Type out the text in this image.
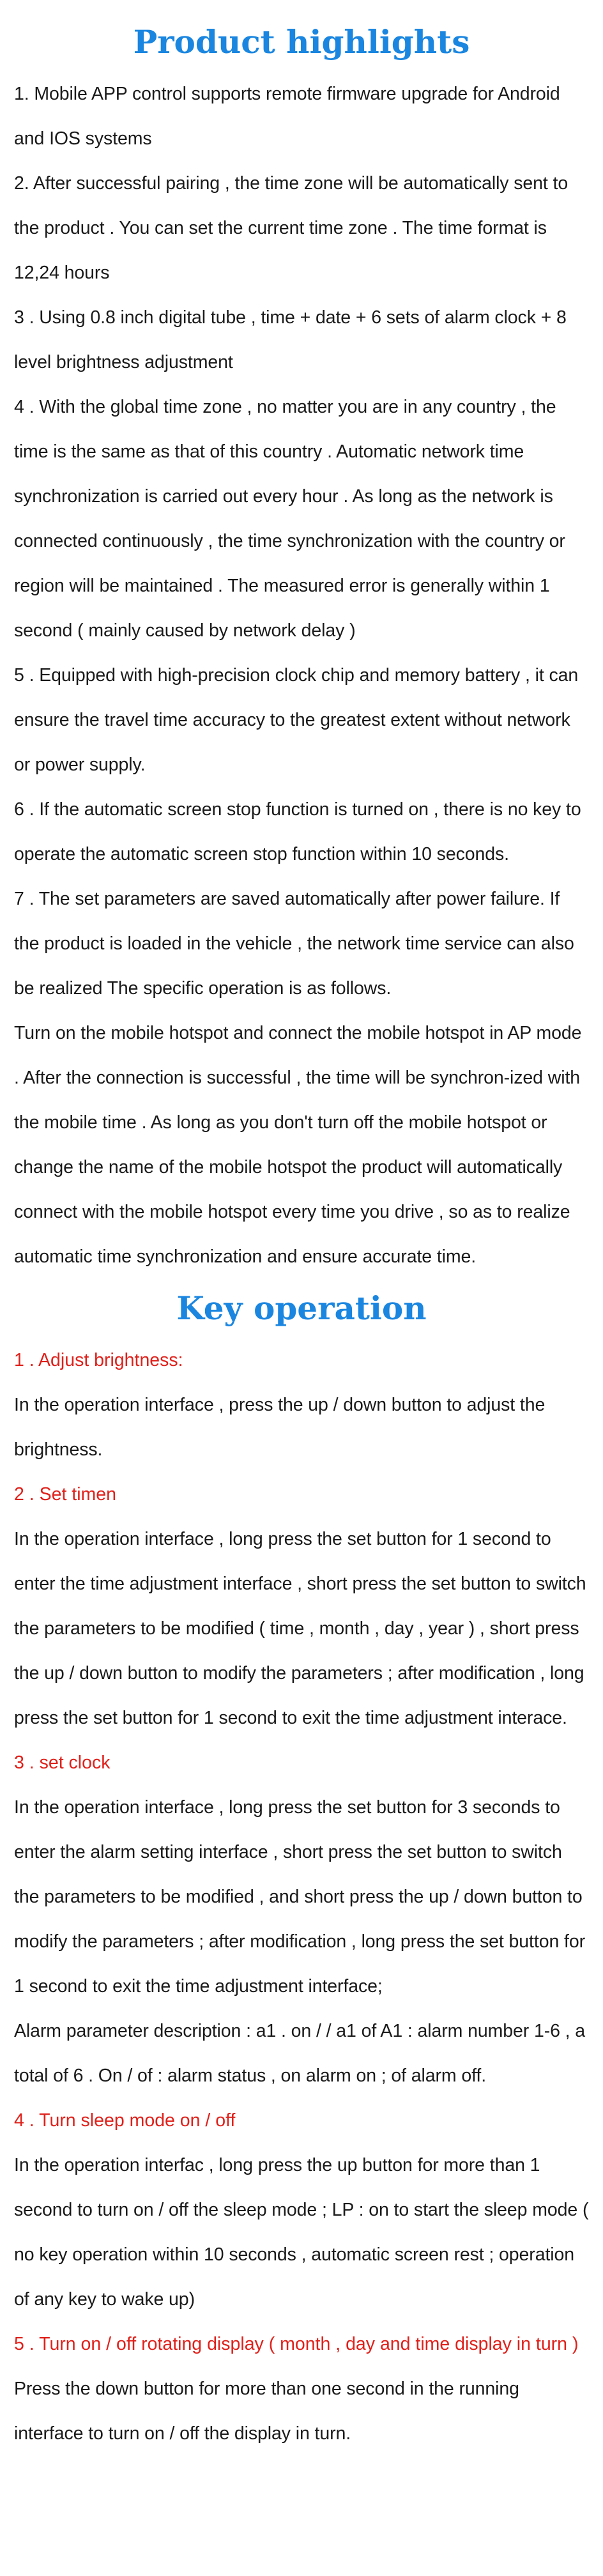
Product highlights

1. Mobile APP control supports remote firmware upgrade for Android and IOS systems

2. After successful pairing , the time zone will be automatically sent to the product . You can set the current time zone . The time format is 12,24 hours

3 . Using 0.8 inch digital tube , time + date + 6 sets of alarm clock + 8 level brightness adjustment

4 . With the global time zone , no matter you are in any country , the time is the same as that of this country . Automatic network time synchronization is carried out every hour . As long as the network is connected continuously , the time synchronization with the country or region will be maintained . The measured error is generally within 1 second ( mainly caused by network delay )

5 . Equipped with high-precision clock chip and memory battery , it can ensure the travel time accuracy to the greatest extent without network or power supply.

6 . If the automatic screen stop function is turned on , there is no key to operate the automatic screen stop function within 10 seconds.

7 . The set parameters are saved automatically after power failure. If the product is loaded in the vehicle , the network time service can also be realized The specific operation is as follows.

Turn on the mobile hotspot and connect the mobile hotspot in AP mode . After the connection is successful , the time will be synchron-ized with the mobile time . As long as you don't turn off the mobile hotspot or change the name of the mobile hotspot the product will automatically connect with the mobile hotspot every time you drive , so as to realize automatic time synchronization and ensure accurate time.

Key operation

1 . Adjust brightness:

In the operation interface , press the up / down button to adjust the brightness.

2 . Set timen

In the operation interface , long press the set button for 1 second to enter the time adjustment interface , short press the set button to switch the parameters to be modified ( time , month , day , year ) , short press the up / down button to modify the parameters ; after modification , long press the set button for 1 second to exit the time adjustment interace.

3 . set clock

In the operation interface , long press the set button for 3 seconds to enter the alarm setting interface , short press the set button to switch the parameters to be modified , and short press the up / down button to modify the parameters ; after modification , long press the set button for 1 second to exit the time adjustment interface;

Alarm parameter description : a1 . on / / a1 of A1 : alarm number 1-6 , a total of 6 . On / of : alarm status , on alarm on ; of alarm off.

4 . Turn sleep mode on / off

In the operation interfac , long press the up button for more than 1 second to turn on / off the sleep mode ; LP : on to start the sleep mode ( no key operation within 10 seconds , automatic screen rest ; operation of any key to wake up)

5 . Turn on / off rotating display ( month , day and time display in turn )

Press the down button for more than one second in the running interface to turn on / off the display in turn.
